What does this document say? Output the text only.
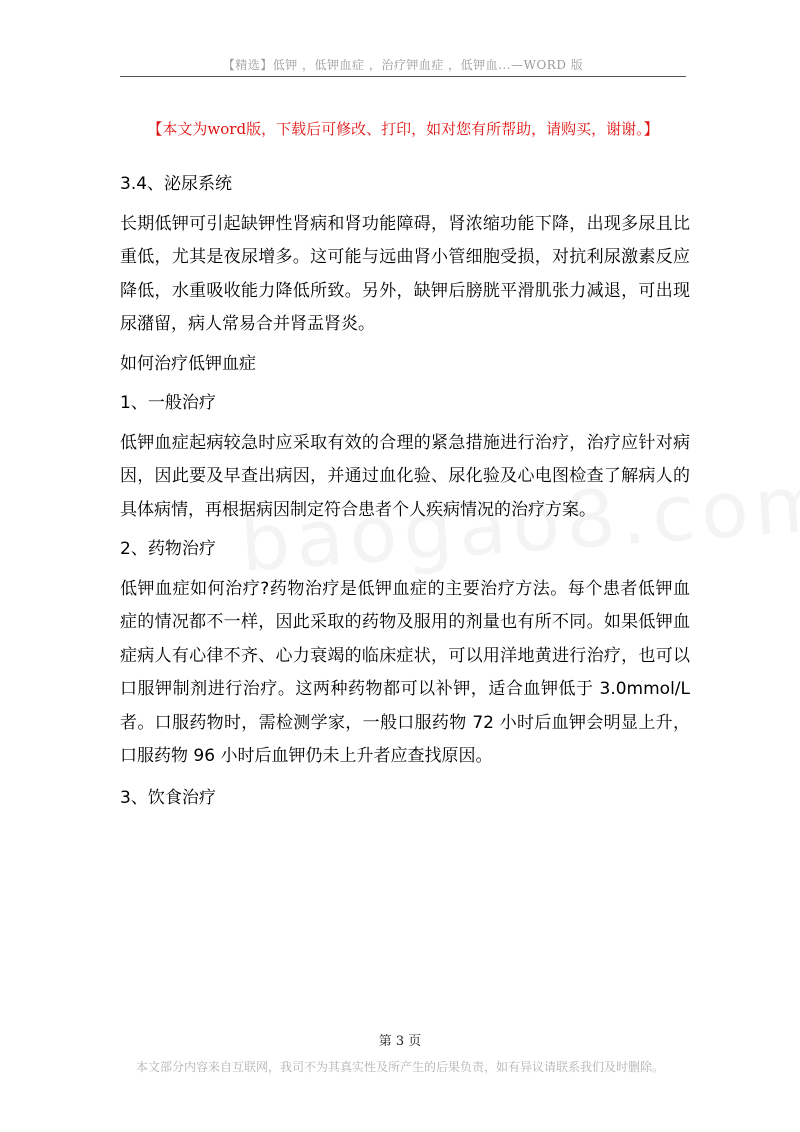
【精选】低钾 ，低钾血症 ，治疗钾血症 ，低钾血...—WORD 版
【本文为word版，下载后可修改、打印，如对您有所帮助，请购买，谢谢。】

3.4、泌尿系统

长期低钾可引起缺钾性肾病和肾功能障碍，肾浓缩功能下降，出现多尿且比重低，尤其是夜尿增多。这可能与远曲肾小管细胞受损，对抗利尿激素反应降低，水重吸收能力降低所致。另外，缺钾后膀胱平滑肌张力减退，可出现尿潴留，病人常易合并肾盂肾炎。

如何治疗低钾血症

1、一般治疗

低钾血症起病较急时应采取有效的合理的紧急措施进行治疗，治疗应针对病因，因此要及早查出病因，并通过血化验、尿化验及心电图检查了解病人的具体病情，再根据病因制定符合患者个人疾病情况的治疗方案。

2、药物治疗

低钾血症如何治疗?药物治疗是低钾血症的主要治疗方法。每个患者低钾血症的情况都不一样，因此采取的药物及服用的剂量也有所不同。如果低钾血症病人有心律不齐、心力衰竭的临床症状，可以用洋地黄进行治疗，也可以口服钾制剂进行治疗。这两种药物都可以补钾，适合血钾低于 3.0mmol/L 者。口服药物时，需检测学家，一般口服药物 72 小时后血钾会明显上升，口服药物 96 小时后血钾仍未上升者应查找原因。

3、饮食治疗

第 3 页
本文部分内容来自互联网，我司不为其真实性及所产生的后果负责，如有异议请联系我们及时删除。
